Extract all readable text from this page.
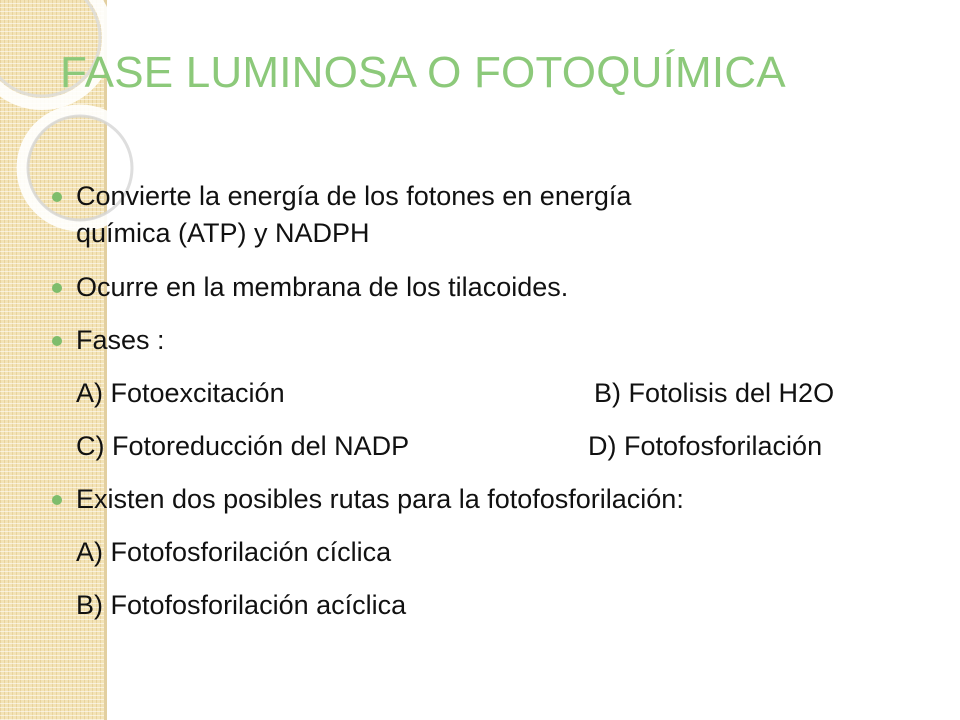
FASE LUMINOSA O FOTOQUÍMICA
Convierte la energía de los fotones en energía
química (ATP) y NADPH
Ocurre en la membrana de los tilacoides.
Fases :
A) Fotoexcitación	B) Fotolisis del H2O
C) Fotoreducción del NADP	D) Fotofosforilación
Existen dos posibles rutas para la fotofosforilación:
A) Fotofosforilación cíclica
B) Fotofosforilación acíclica
